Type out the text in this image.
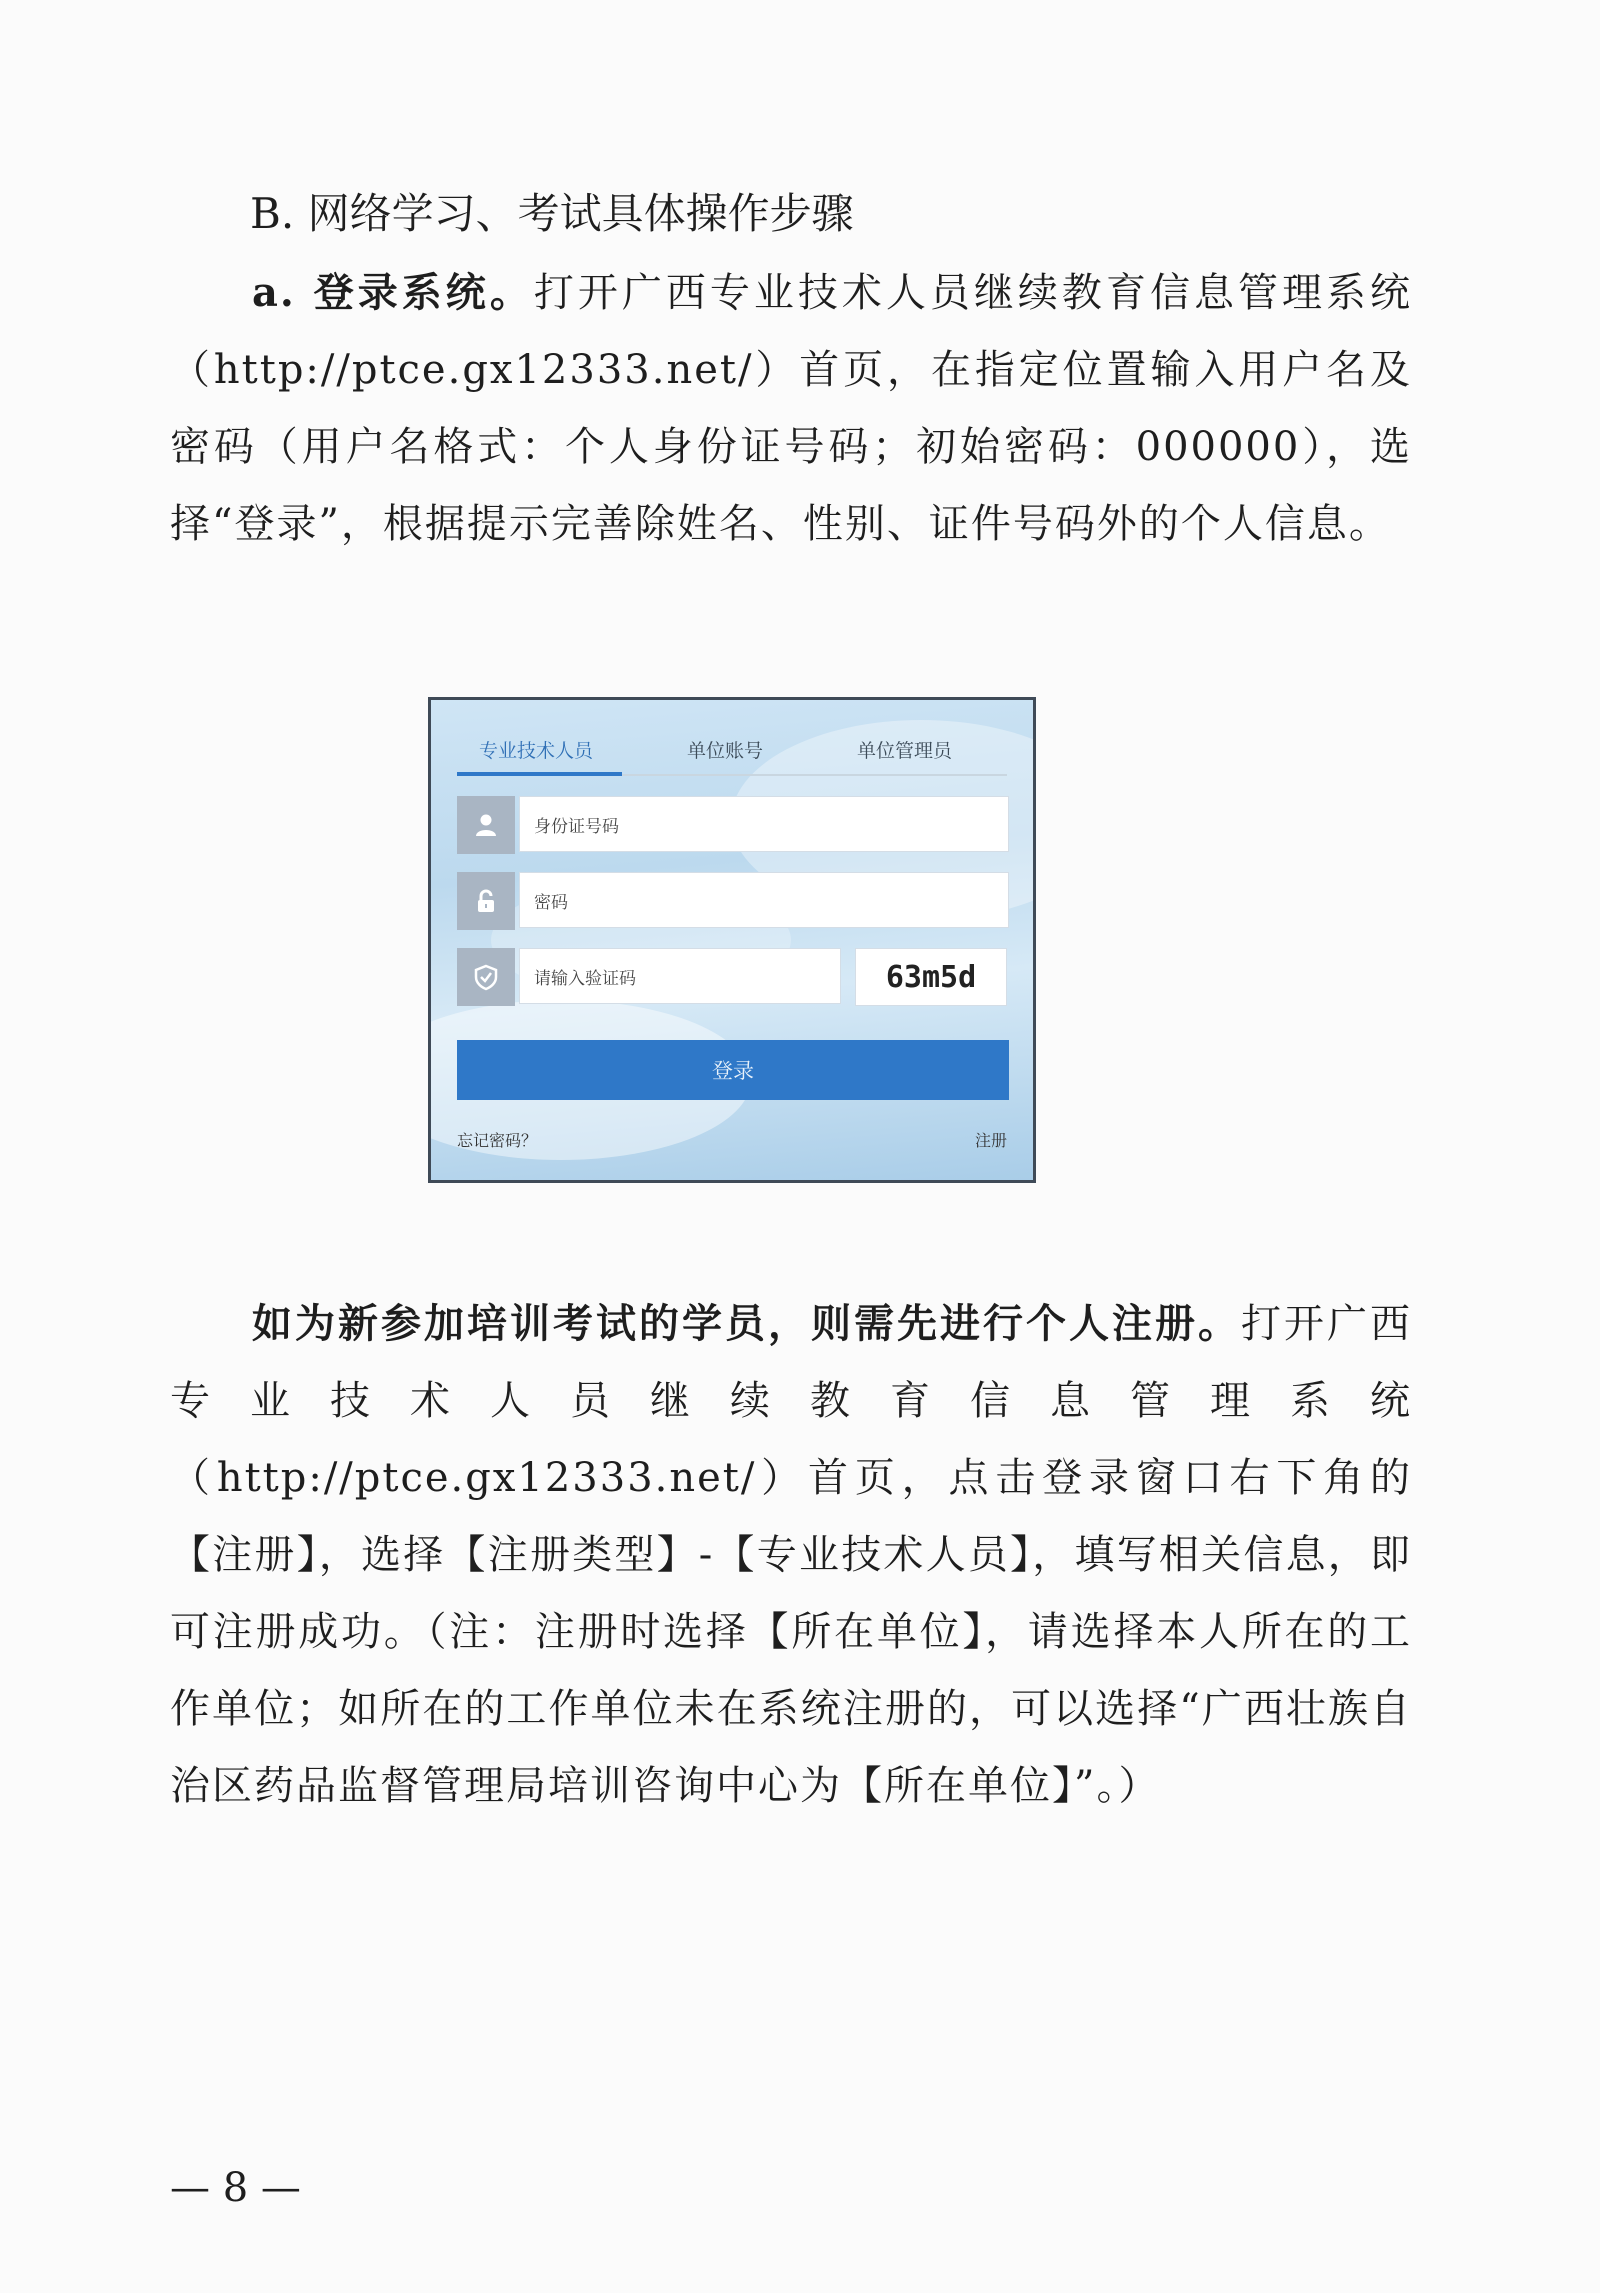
B. 网络学习、考试具体操作步骤
a. 登录系统。打开广西专业技术人员继续教育信息管理系统（http://ptce.gx12333.net/）首页，在指定位置输入用户名及密码（用户名格式：个人身份证号码；初始密码：000000），选择“登录”，根据提示完善除姓名、性别、证件号码外的个人信息。
专业技术人员	单位账号	单位管理员
身份证号码
密码
请输入验证码	63m5d
登录
忘记密码？	注册
如为新参加培训考试的学员，则需先进行个人注册。打开广西专业技术人员继续教育信息管理系统（http://ptce.gx12333.net/）首页，点击登录窗口右下角的【注册】，选择【注册类型】-【专业技术人员】，填写相关信息，即可注册成功。（注：注册时选择【所在单位】，请选择本人所在的工作单位；如所在的工作单位未在系统注册的，可以选择“广西壮族自治区药品监督管理局培训咨询中心为【所在单位】”。）
— 8 —
